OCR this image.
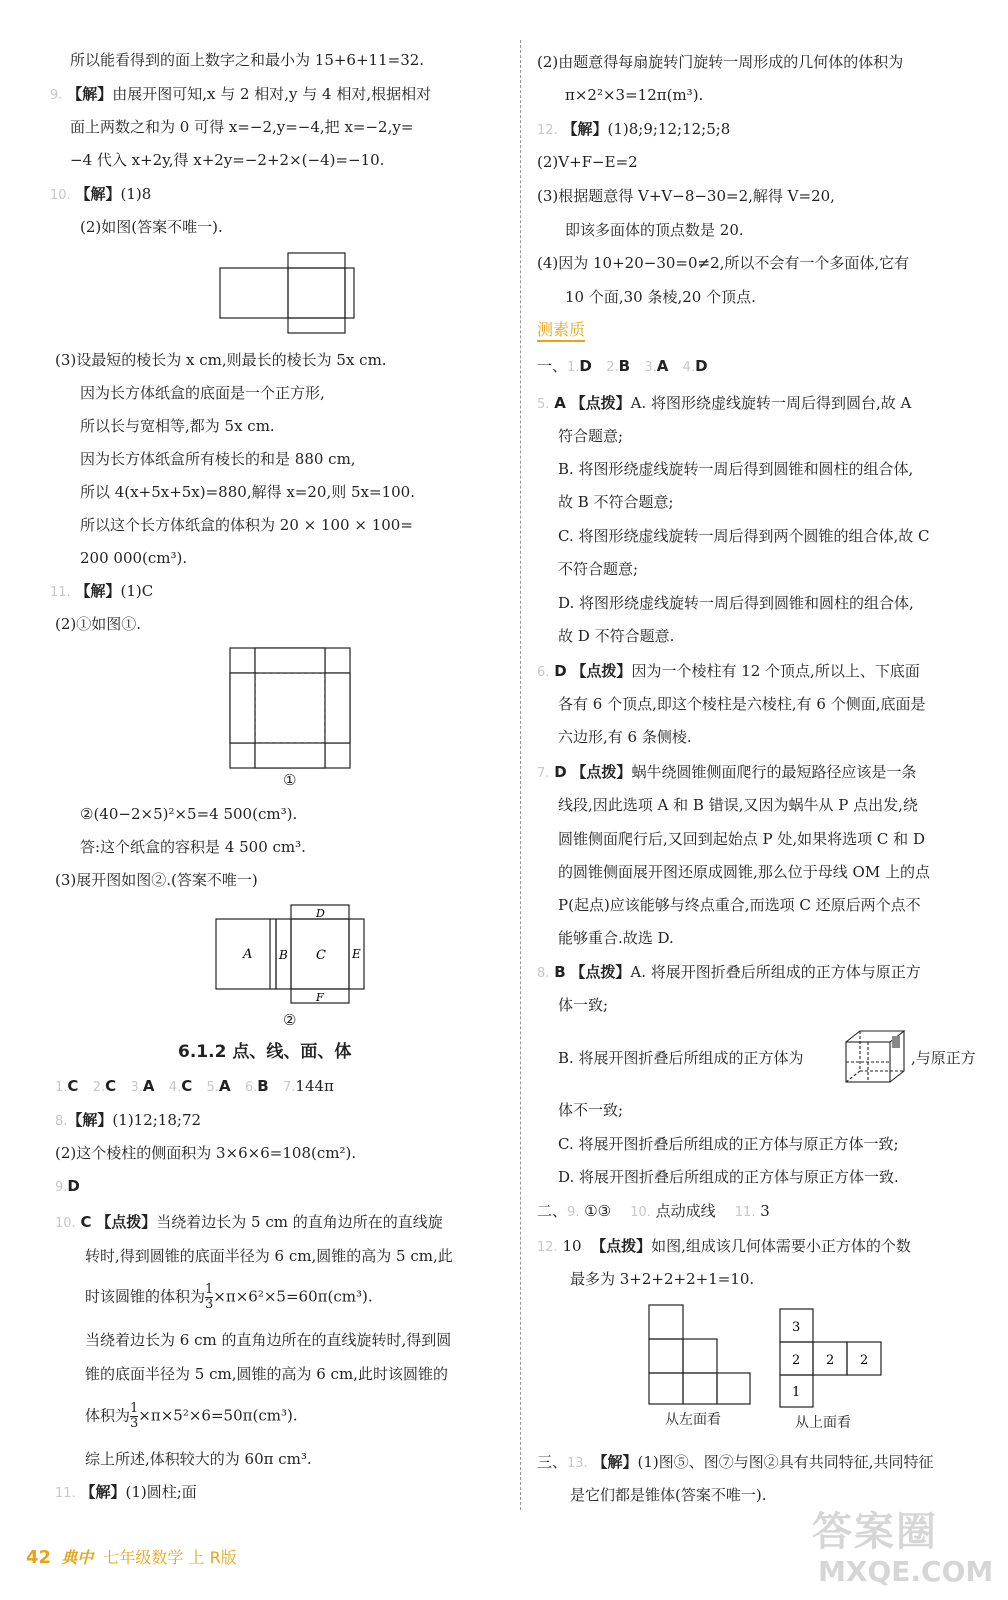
所以能看得到的面上数字之和最小为 15+6+11=32.
9. 【解】由展开图可知,x 与 2 相对,y 与 4 相对,根据相对
面上两数之和为 0 可得 x=−2,y=−4,把 x=−2,y=
−4 代入 x+2y,得 x+2y=−2+2×(−4)=−10.
10. 【解】(1)8
(2)如图(答案不唯一).
(3)设最短的棱长为 x cm,则最长的棱长为 5x cm.
因为长方体纸盒的底面是一个正方形,
所以长与宽相等,都为 5x cm.
因为长方体纸盒所有棱长的和是 880 cm,
所以 4(x+5x+5x)=880,解得 x=20,则 5x=100.
所以这个长方体纸盒的体积为 20 × 100 × 100=
200 000(cm³).
11. 【解】(1)C
(2)①如图①.
①
②(40−2×5)²×5=4 500(cm³).
答:这个纸盒的容积是 4 500 cm³.
(3)展开图如图②.(答案不唯一)
A B C
D
E
F
②
6.1.2 点、线、面、体
1.C 2.C 3.A 4.C 5.A 6.B 7.144π
8.【解】(1)12;18;72
(2)这个棱柱的侧面积为 3×6×6=108(cm²).
9.D
10. C 【点拨】当绕着边长为 5 cm 的直角边所在的直线旋
转时,得到圆锥的底面半径为 6 cm,圆锥的高为 5 cm,此
时该圆锥的体积为 $\frac{1}{3} \times\pi\times 6^2\times 5=60\pi(cm^3)$.
当绕着边长为 6 cm 的直角边所在的直线旋转时,得到圆
锥的底面半径为 5 cm,圆锥的高为 6 cm,此时该圆锥的
体积为 $\frac{1}{3} \times\pi\times 5^2\times 6=50\pi(cm^3)$.
综上所述,体积较大的为 60π cm³.
11. 【解】(1)圆柱;面
(2)由题意得每扇旋转门旋转一周形成的几何体的体积为
π×2²×3=12π(m³).
12. 【解】(1)8;9;12;12;5;8
(2)V+F−E=2
(3)根据题意得 V+V−8−30=2,解得 V=20,
即该多面体的顶点数是 20.
(4)因为 10+20−30=0≠2,所以不会有一个多面体,它有
10 个面,30 条棱,20 个顶点.
测素质
一、1.D 2.B 3.A 4.D
5. A 【点拨】A. 将图形绕虚线旋转一周后得到圆台,故 A
符合题意;
B. 将图形绕虚线旋转一周后得到圆锥和圆柱的组合体,
故 B 不符合题意;
C. 将图形绕虚线旋转一周后得到两个圆锥的组合体,故 C
不符合题意;
D. 将图形绕虚线旋转一周后得到圆锥和圆柱的组合体,
故 D 不符合题意.
6. D 【点拨】因为一个棱柱有 12 个顶点,所以上、下底面
各有 6 个顶点,即这个棱柱是六棱柱,有 6 个侧面,底面是
六边形,有 6 条侧棱.
7. D 【点拨】蜗牛绕圆锥侧面爬行的最短路径应该是一条
线段,因此选项 A 和 B 错误,又因为蜗牛从 P 点出发,绕
圆锥侧面爬行后,又回到起始点 P 处,如果将选项 C 和 D
的圆锥侧面展开图还原成圆锥,那么位于母线 OM 上的点
P(起点)应该能够与终点重合,而选项 C 还原后两个点不
能够重合.故选 D.
8. B 【点拨】A. 将展开图折叠后所组成的正方体与原正方
体一致;
B. 将展开图折叠后所组成的正方体为	,与原正方
体不一致;
C. 将展开图折叠后所组成的正方体与原正方体一致;
D. 将展开图折叠后所组成的正方体与原正方体一致.
二、9. ①③ 10. 点动成线 11. 3
12. 10 【点拨】如图,组成该几何体需要小正方体的个数
最多为 3+2+2+2+1=10.
从左面看
3
2 2 2
1
从上面看
三、13. 【解】(1)图⑤、图⑦与图②具有共同特征,共同特征
是它们都是锥体(答案不唯一).
42 典中 七年级数学 上 R版
答案圈
MXQE.COM
